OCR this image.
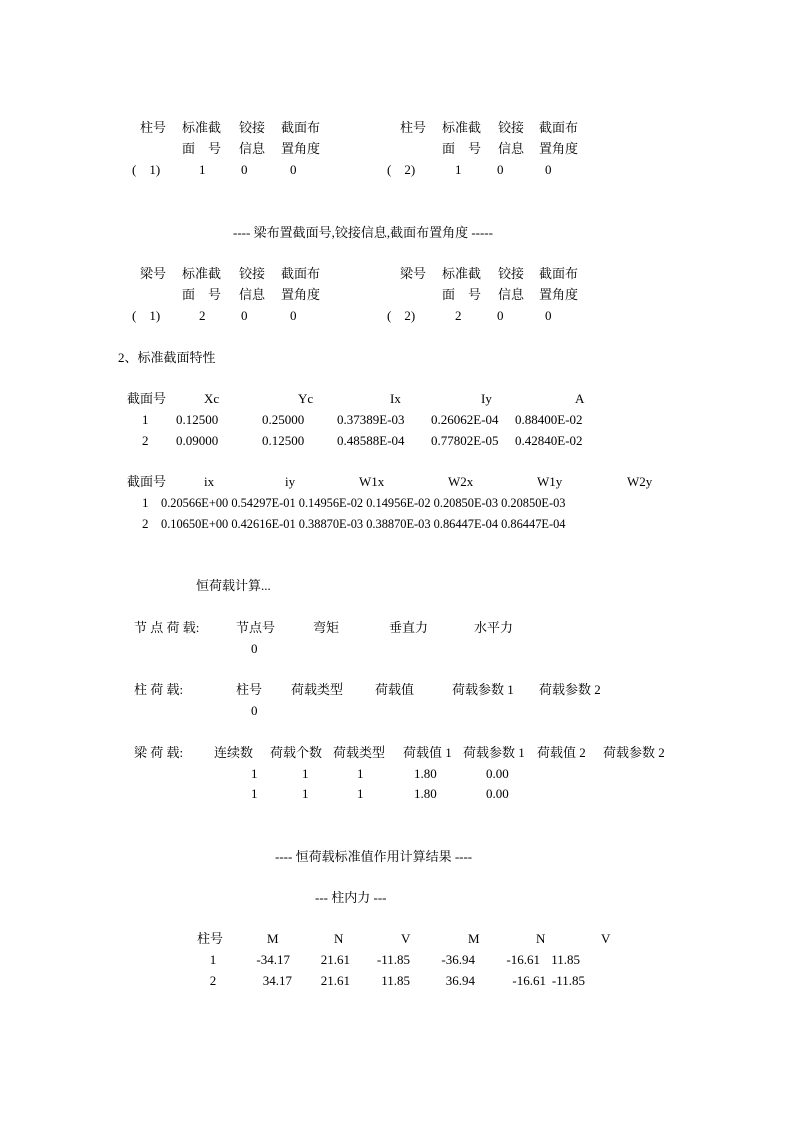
柱号 标准截 铰接 截面布
面　号 信息 置角度
(　1)	1	0	0
柱号 标准截 铰接 截面布
面　号 信息 置角度
(　2)	1	0	0
---- 梁布置截面号,铰接信息,截面布置角度 -----
梁号 标准截 铰接 截面布
面　号 信息 置角度
(　1)	2	0	0
梁号 标准截 铰接 截面布
面　号 信息 置角度
(　2)	2	0	0
2、标准截面特性
截面号	Xc	Yc	Ix	Iy	A
1 0.12500	0.25000	0.37389E-03 0.26062E-04 0.88400E-02
2 0.09000	0.12500	0.48588E-04 0.77802E-05 0.42840E-02
截面号	ix	iy	W1x	W2x	W1y	W2y
1 0.20566E+00 0.54297E-01 0.14956E-02 0.14956E-02 0.20850E-03 0.20850E-03
2 0.10650E+00 0.42616E-01 0.38870E-03 0.38870E-03 0.86447E-04 0.86447E-04
恒荷载计算...
节 点 荷 载:	节点号	弯矩	垂直力	水平力
0
柱 荷 载:	柱号 荷载类型 荷载值	荷载参数 1 荷载参数 2
0
梁 荷 载: 连续数 荷载个数 荷载类型 荷载值 1 荷载参数 1 荷载值 2 荷载参数 2
1	1	1	1.80	0.00
1	1	1	1.80	0.00
---- 恒荷载标准值作用计算结果 ----
--- 柱内力 ---
柱号	M	N	V	M	N	V
1	-34.17	21.61	-11.85	-36.94	-16.61 11.85
2	34.17	21.61	11.85	36.94	-16.61 -11.85
